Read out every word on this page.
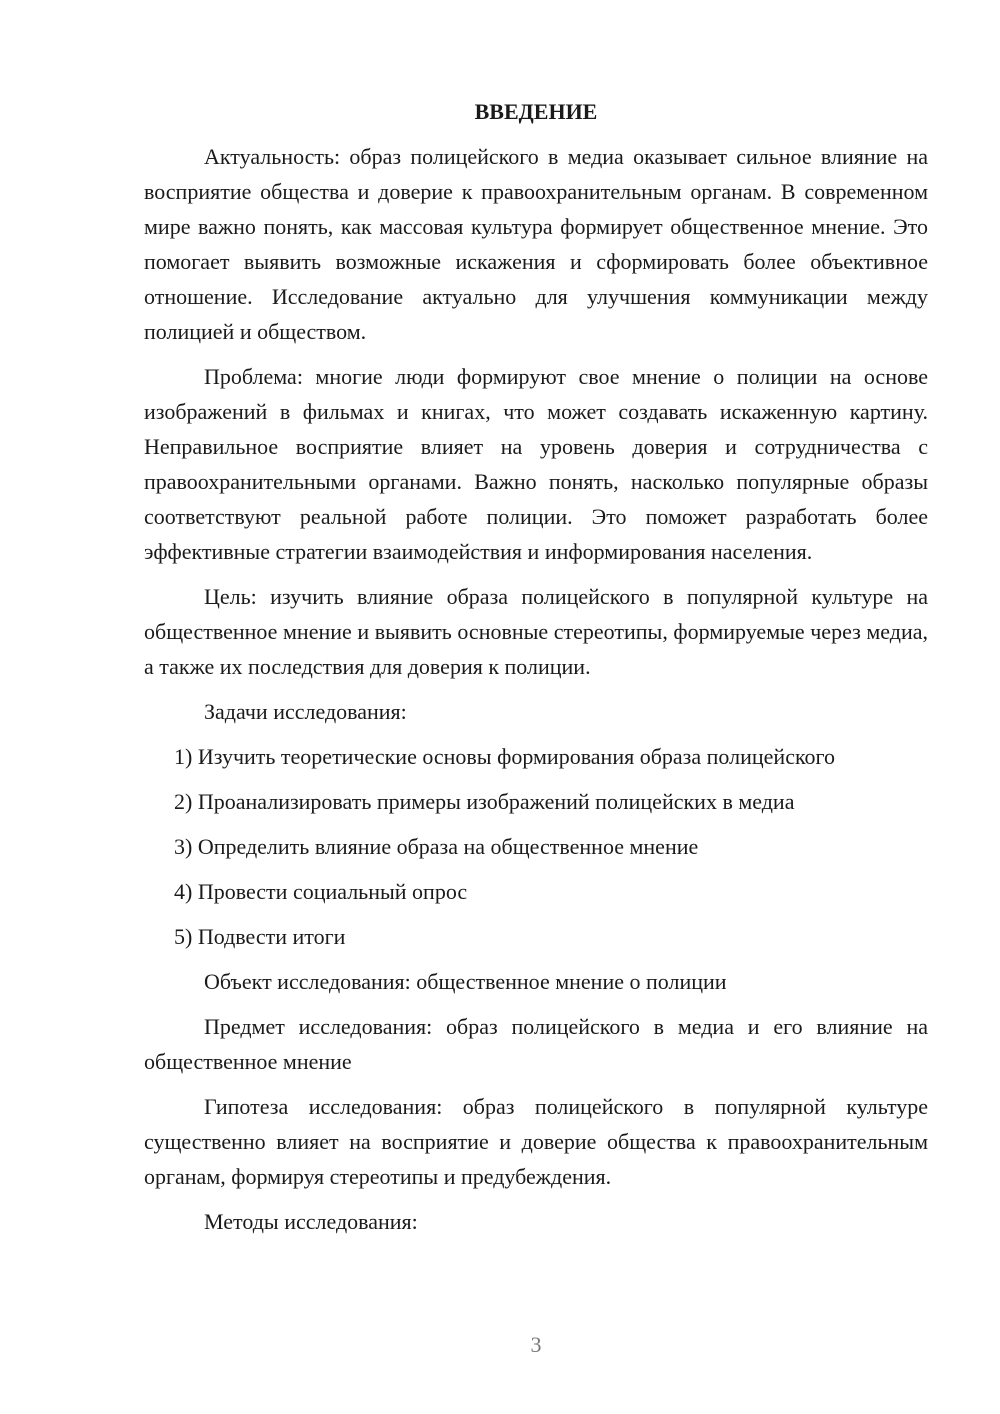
ВВЕДЕНИЕ

Актуальность: образ полицейского в медиа оказывает сильное влияние на восприятие общества и доверие к правоохранительным органам. В современном мире важно понять, как массовая культура формирует общественное мнение. Это помогает выявить возможные искажения и сформировать более объективное отношение. Исследование актуально для улучшения коммуникации между полицией и обществом.

Проблема: многие люди формируют свое мнение о полиции на основе изображений в фильмах и книгах, что может создавать искаженную картину. Неправильное восприятие влияет на уровень доверия и сотрудничества с правоохранительными органами. Важно понять, насколько популярные образы соответствуют реальной работе полиции. Это поможет разработать более эффективные стратегии взаимодействия и информирования населения.

Цель: изучить влияние образа полицейского в популярной культуре на общественное мнение и выявить основные стереотипы, формируемые через медиа, а также их последствия для доверия к полиции.

Задачи исследования:

1) Изучить теоретические основы формирования образа полицейского
2) Проанализировать примеры изображений полицейских в медиа
3) Определить влияние образа на общественное мнение
4) Провести социальный опрос
5) Подвести итоги

Объект исследования: общественное мнение о полиции

Предмет исследования: образ полицейского в медиа и его влияние на общественное мнение

Гипотеза исследования: образ полицейского в популярной культуре существенно влияет на восприятие и доверие общества к правоохранительным органам, формируя стереотипы и предубеждения.

Методы исследования:

3
